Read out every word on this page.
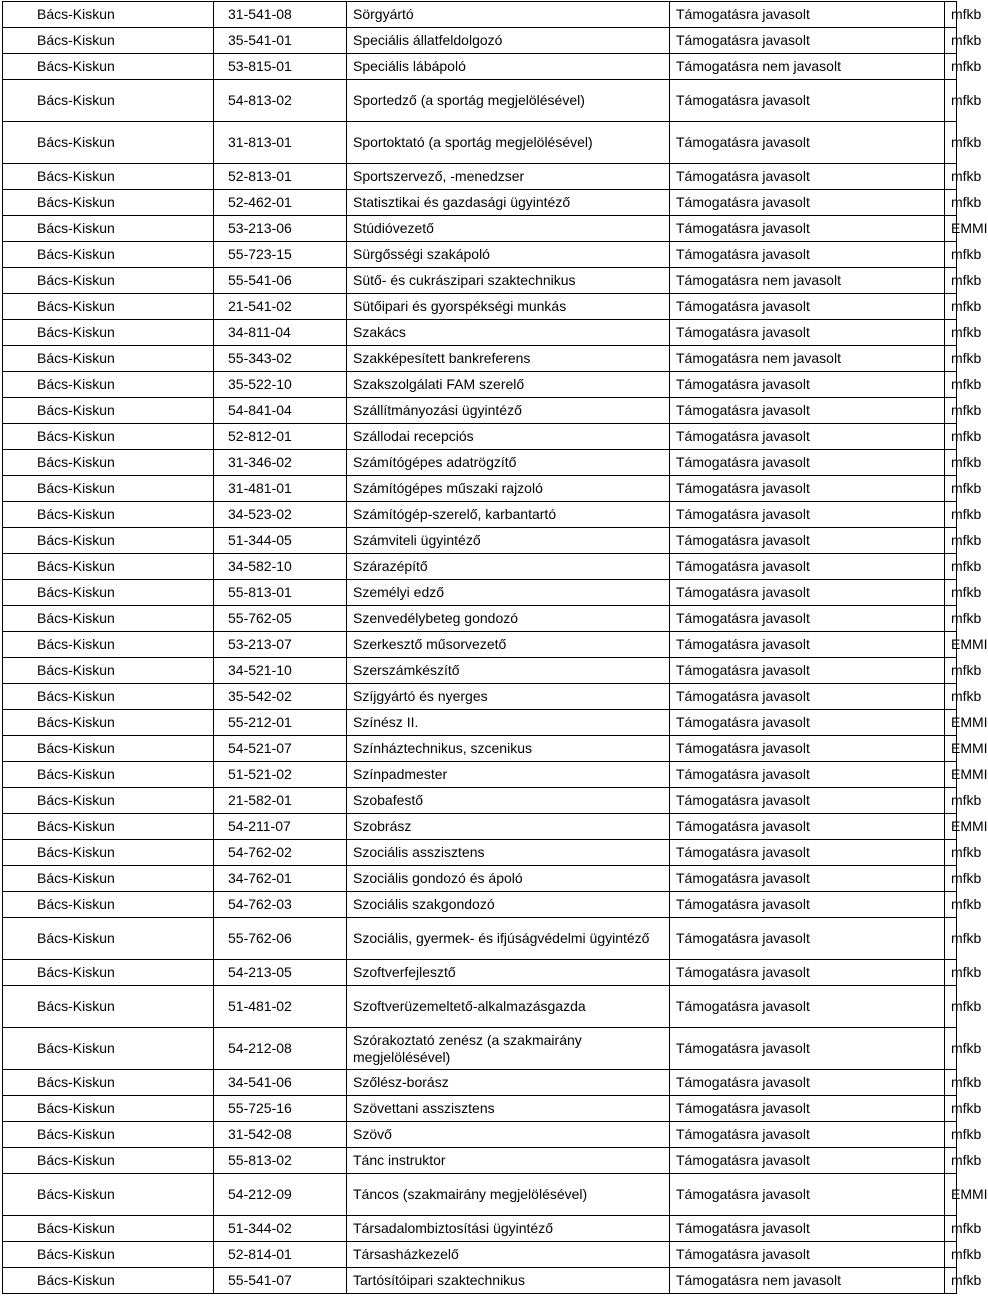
Bács-Kiskun	31-541-08	Sörgyártó	Támogatásra javasolt	mfkb
Bács-Kiskun	35-541-01	Speciális állatfeldolgozó	Támogatásra javasolt	mfkb
Bács-Kiskun	53-815-01	Speciális lábápoló	Támogatásra nem javasolt	mfkb
Bács-Kiskun	54-813-02	Sportedző (a sportág megjelölésével)	Támogatásra javasolt	mfkb
Bács-Kiskun	31-813-01	Sportoktató (a sportág megjelölésével)	Támogatásra javasolt	mfkb
Bács-Kiskun	52-813-01	Sportszervező, -menedzser	Támogatásra javasolt	mfkb
Bács-Kiskun	52-462-01	Statisztikai és gazdasági ügyintéző	Támogatásra javasolt	mfkb
Bács-Kiskun	53-213-06	Stúdióvezető	Támogatásra javasolt	EMMI
Bács-Kiskun	55-723-15	Sürgősségi szakápoló	Támogatásra javasolt	mfkb
Bács-Kiskun	55-541-06	Sütő- és cukrászipari szaktechnikus	Támogatásra nem javasolt	mfkb
Bács-Kiskun	21-541-02	Sütőipari és gyorspékségi munkás	Támogatásra javasolt	mfkb
Bács-Kiskun	34-811-04	Szakács	Támogatásra javasolt	mfkb
Bács-Kiskun	55-343-02	Szakképesített bankreferens	Támogatásra nem javasolt	mfkb
Bács-Kiskun	35-522-10	Szakszolgálati FAM szerelő	Támogatásra javasolt	mfkb
Bács-Kiskun	54-841-04	Szállítmányozási ügyintéző	Támogatásra javasolt	mfkb
Bács-Kiskun	52-812-01	Szállodai recepciós	Támogatásra javasolt	mfkb
Bács-Kiskun	31-346-02	Számítógépes adatrögzítő	Támogatásra javasolt	mfkb
Bács-Kiskun	31-481-01	Számítógépes műszaki rajzoló	Támogatásra javasolt	mfkb
Bács-Kiskun	34-523-02	Számítógép-szerelő, karbantartó	Támogatásra javasolt	mfkb
Bács-Kiskun	51-344-05	Számviteli ügyintéző	Támogatásra javasolt	mfkb
Bács-Kiskun	34-582-10	Szárazépítő	Támogatásra javasolt	mfkb
Bács-Kiskun	55-813-01	Személyi edző	Támogatásra javasolt	mfkb
Bács-Kiskun	55-762-05	Szenvedélybeteg gondozó	Támogatásra javasolt	mfkb
Bács-Kiskun	53-213-07	Szerkesztő műsorvezető	Támogatásra javasolt	EMMI
Bács-Kiskun	34-521-10	Szerszámkészítő	Támogatásra javasolt	mfkb
Bács-Kiskun	35-542-02	Szíjgyártó és nyerges	Támogatásra javasolt	mfkb
Bács-Kiskun	55-212-01	Színész II.	Támogatásra javasolt	EMMI
Bács-Kiskun	54-521-07	Színháztechnikus, szcenikus	Támogatásra javasolt	EMMI
Bács-Kiskun	51-521-02	Színpadmester	Támogatásra javasolt	EMMI
Bács-Kiskun	21-582-01	Szobafestő	Támogatásra javasolt	mfkb
Bács-Kiskun	54-211-07	Szobrász	Támogatásra javasolt	EMMI
Bács-Kiskun	54-762-02	Szociális asszisztens	Támogatásra javasolt	mfkb
Bács-Kiskun	34-762-01	Szociális gondozó és ápoló	Támogatásra javasolt	mfkb
Bács-Kiskun	54-762-03	Szociális szakgondozó	Támogatásra javasolt	mfkb
Bács-Kiskun	55-762-06	Szociális, gyermek- és ifjúságvédelmi ügyintéző	Támogatásra javasolt	mfkb
Bács-Kiskun	54-213-05	Szoftverfejlesztő	Támogatásra javasolt	mfkb
Bács-Kiskun	51-481-02	Szoftverüzemeltető-alkalmazásgazda	Támogatásra javasolt	mfkb
Bács-Kiskun	54-212-08	Szórakoztató zenész (a szakmairány megjelölésével)	Támogatásra javasolt	mfkb
Bács-Kiskun	34-541-06	Szőlész-borász	Támogatásra javasolt	mfkb
Bács-Kiskun	55-725-16	Szövettani asszisztens	Támogatásra javasolt	mfkb
Bács-Kiskun	31-542-08	Szövő	Támogatásra javasolt	mfkb
Bács-Kiskun	55-813-02	Tánc instruktor	Támogatásra javasolt	mfkb
Bács-Kiskun	54-212-09	Táncos (szakmairány megjelölésével)	Támogatásra javasolt	EMMI
Bács-Kiskun	51-344-02	Társadalombiztosítási ügyintéző	Támogatásra javasolt	mfkb
Bács-Kiskun	52-814-01	Társasházkezelő	Támogatásra javasolt	mfkb
Bács-Kiskun	55-541-07	Tartósítóipari szaktechnikus	Támogatásra nem javasolt	mfkb
